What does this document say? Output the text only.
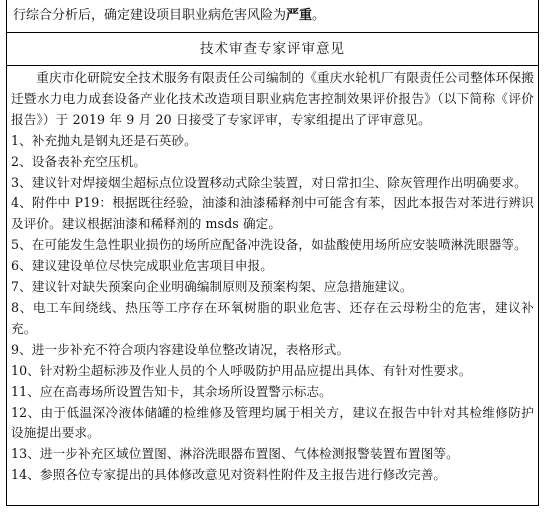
行综合分析后，确定建设项目职业病危害风险为严重。
技术审查专家评审意见

重庆市化研院安全技术服务有限责任公司编制的《重庆水轮机厂有限责任公司整体环保搬迁暨水力电力成套设备产业化技术改造项目职业病危害控制效果评价报告》（以下简称《评价报告》）于 2019 年 9 月 20 日接受了专家评审，专家组提出了评审意见。

1、补充抛丸是钢丸还是石英砂。
2、设备表补充空压机。
3、建议针对焊接烟尘超标点位设置移动式除尘装置，对日常扣尘、除灰管理作出明确要求。
4、附件中 P19：根据既往经验，油漆和油漆稀释剂中可能含有苯，因此本报告对苯进行辨识及评价。建议根据油漆和稀释剂的 msds 确定。
5、在可能发生急性职业损伤的场所应配备冲洗设备，如盐酸使用场所应安装喷淋洗眼器等。
6、建议建设单位尽快完成职业危害项目申报。
7、建议针对缺失预案向企业明确编制原则及预案构架、应急措施建议。
8、电工车间绕线、热压等工序存在环氧树脂的职业危害、还存在云母粉尘的危害，建议补充。
9、进一步补充不符合项内容建设单位整改请况，表格形式。
10、针对粉尘超标涉及作业人员的个人呼吸防护用品应提出具体、有针对性要求。
11、应在高毒场所设置告知卡，其余场所设置警示标志。
12、由于低温深冷液体储罐的检维修及管理均属于相关方，建议在报告中针对其检维修防护设施提出要求。
13、进一步补充区域位置图、淋浴洗眼器布置图、气体检测报警装置布置图等。
14、参照各位专家提出的具体修改意见对资料性附件及主报告进行修改完善。
